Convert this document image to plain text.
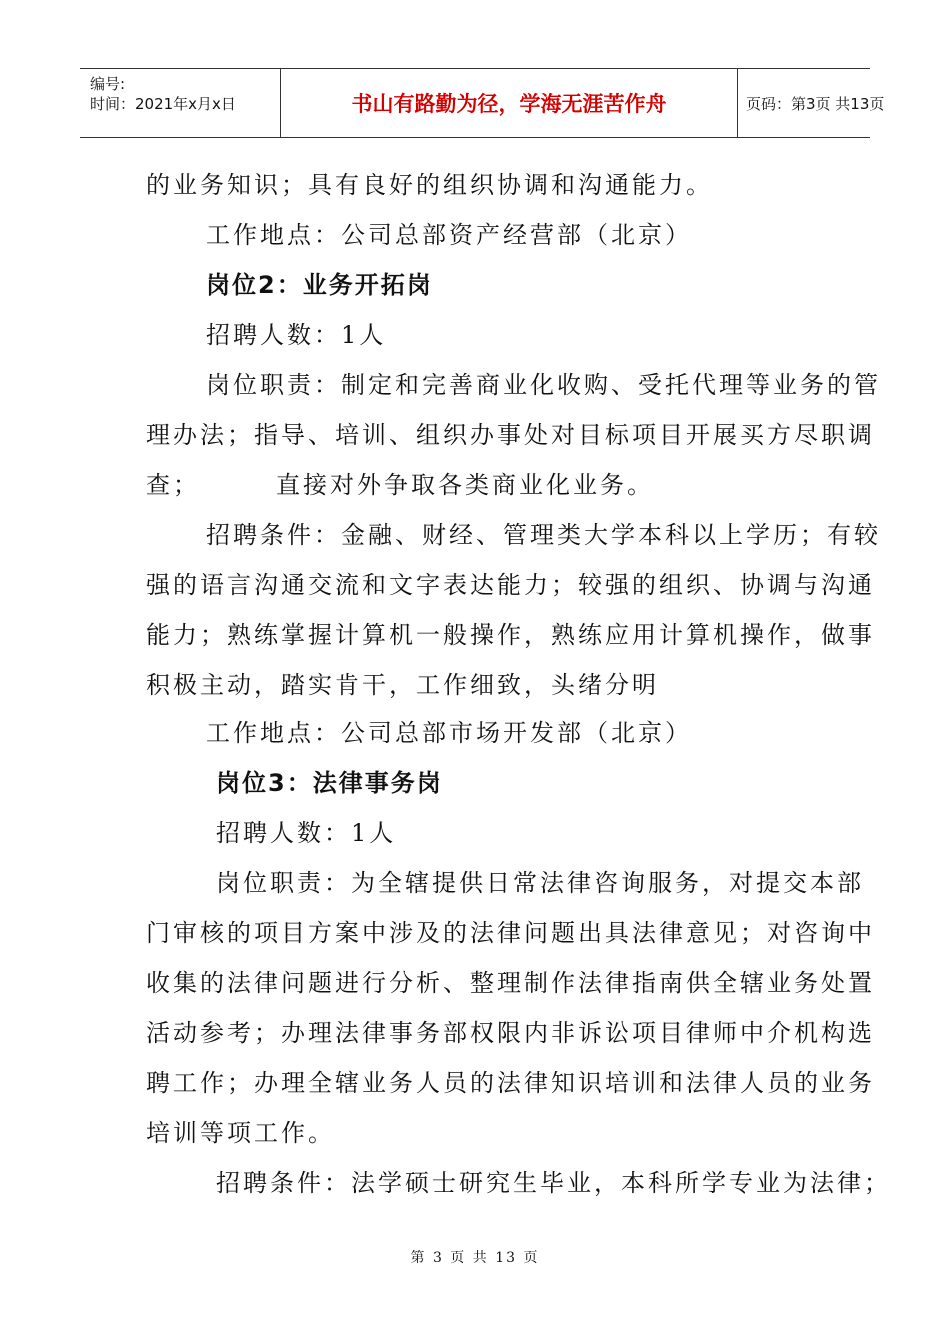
编号:
时间：2021年x月x日	书山有路勤为径，学海无涯苦作舟	页码：第3页 共13页
的业务知识；具有良好的组织协调和沟通能力。
工作地点：公司总部资产经营部（北京）
岗位2：业务开拓岗
招聘人数：1人
岗位职责：制定和完善商业化收购、受托代理等业务的管
理办法；指导、培训、组织办事处对目标项目开展买方尽职调
查；	直接对外争取各类商业化业务。
招聘条件：金融、财经、管理类大学本科以上学历；有较
强的语言沟通交流和文字表达能力；较强的组织、协调与沟通
能力；熟练掌握计算机一般操作，熟练应用计算机操作，做事
积极主动，踏实肯干，工作细致，头绪分明
工作地点：公司总部市场开发部（北京）
岗位3：法律事务岗
招聘人数：1人
岗位职责：为全辖提供日常法律咨询服务，对提交本部
门审核的项目方案中涉及的法律问题出具法律意见；对咨询中
收集的法律问题进行分析、整理制作法律指南供全辖业务处置
活动参考；办理法律事务部权限内非诉讼项目律师中介机构选
聘工作；办理全辖业务人员的法律知识培训和法律人员的业务
培训等项工作。
招聘条件：法学硕士研究生毕业，本科所学专业为法律；
第 3 页 共 13 页
